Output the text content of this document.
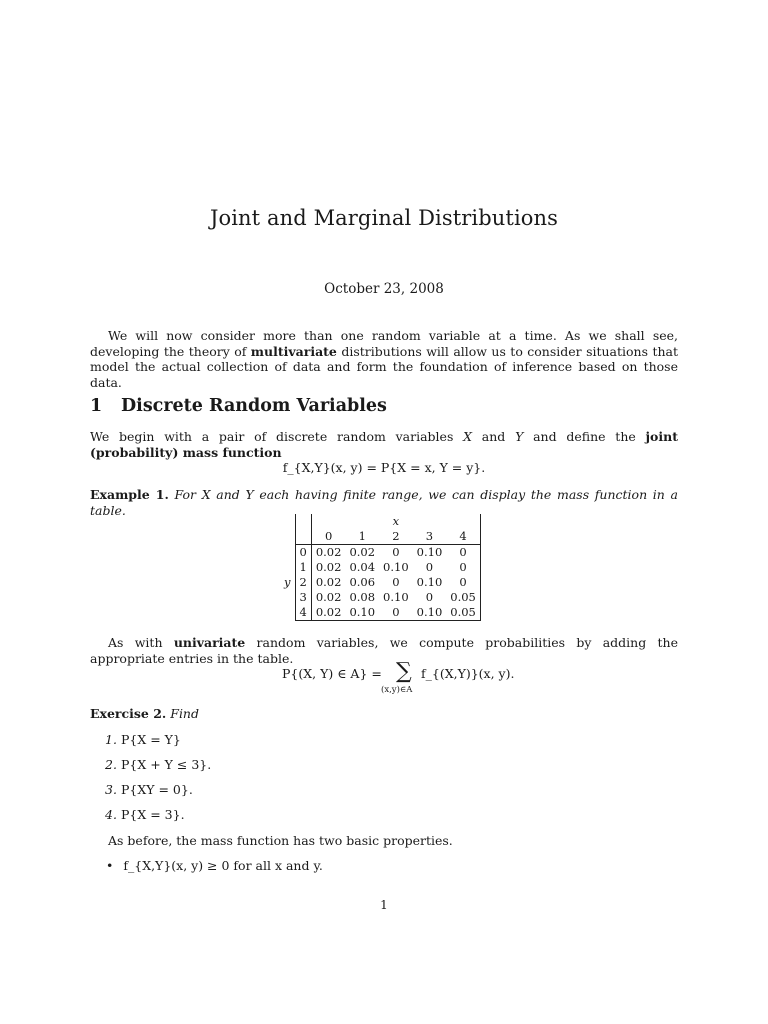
Joint and Marginal Distributions
October 23, 2008
We will now consider more than one random variable at a time. As we shall see, developing the theory of multivariate distributions will allow us to consider situations that model the actual collection of data and form the foundation of inference based on those data.
1 Discrete Random Variables
We begin with a pair of discrete random variables X and Y and define the joint (probability) mass function
f_{X,Y}(x, y) = P{X = x, Y = y}.
Example 1. For X and Y each having finite range, we can display the mass function in a table.
		x				
		0	1	2	3	4
	0	0.02	0.02	0	0.10	0
	1	0.02	0.04	0.10	0	0
y	2	0.02	0.06	0	0.10	0
	3	0.02	0.08	0.10	0	0.05
	4	0.02	0.10	0	0.10	0.05
As with univariate random variables, we compute probabilities by adding the appropriate entries in the table.
P{(X, Y) ∈ A} = ∑
(x,y)∈A
f_{(X,Y)}(x, y).
Exercise 2. Find
1. P{X = Y}
2. P{X + Y ≤ 3}.
3. P{XY = 0}.
4. P{X = 3}.
As before, the mass function has two basic properties.
• f_{X,Y}(x, y) ≥ 0 for all x and y.
1
